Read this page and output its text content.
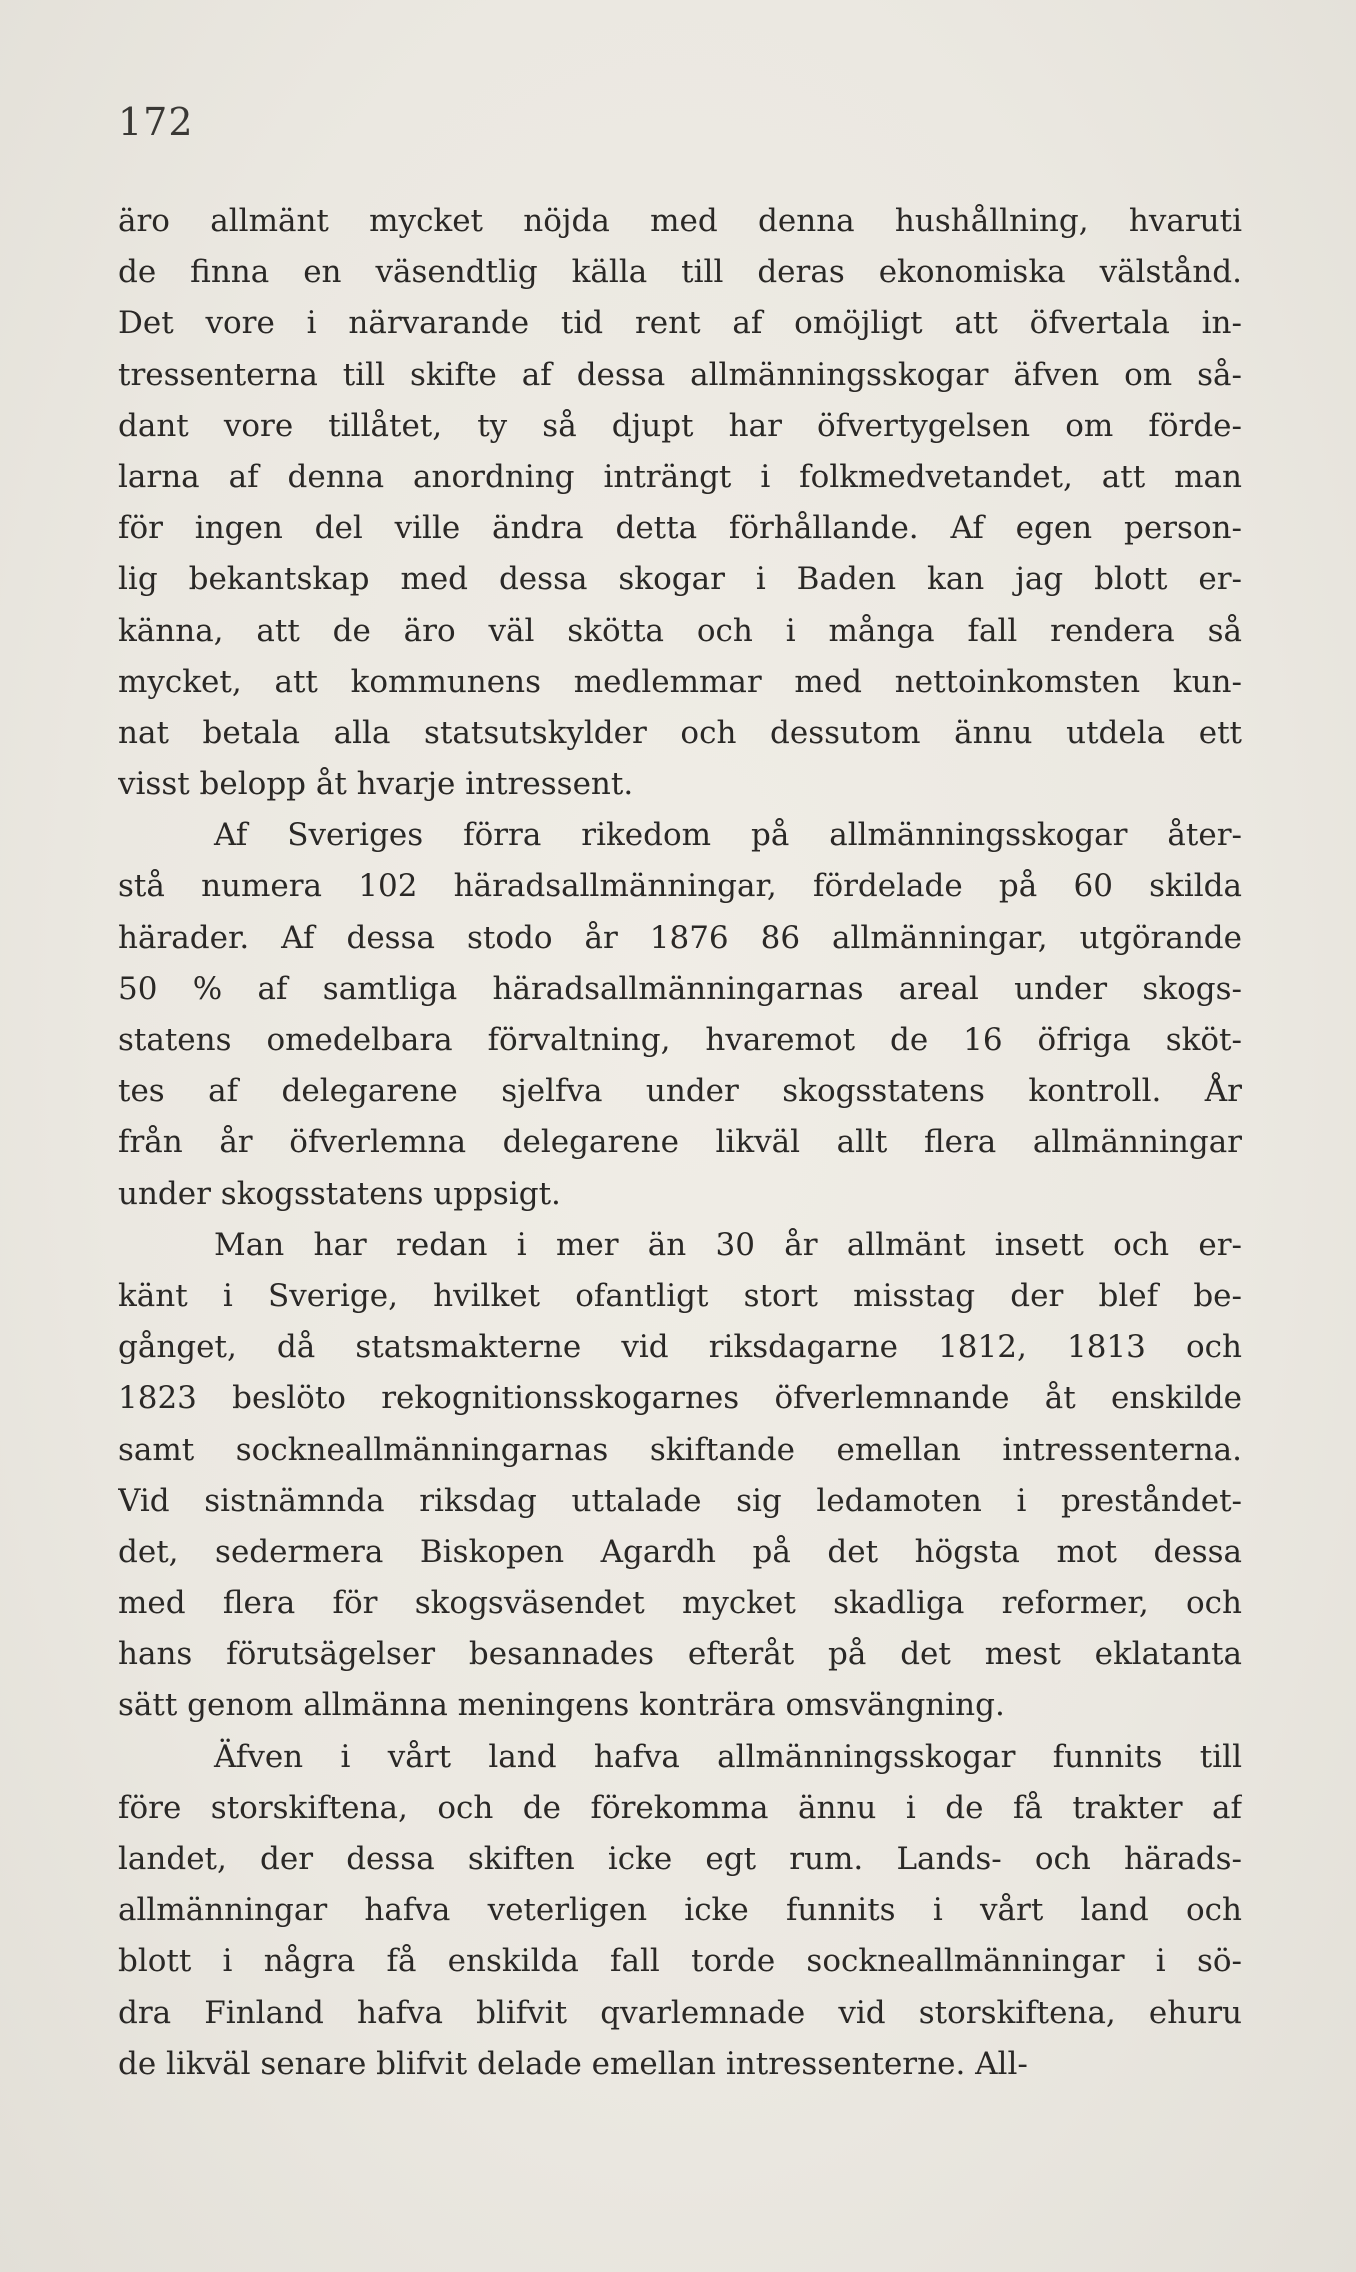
172
äro allmänt mycket nöjda med denna hushållning, hvaruti
de finna en väsendtlig källa till deras ekonomiska välstånd.
Det vore i närvarande tid rent af omöjligt att öfvertala in-
tressenterna till skifte af dessa allmänningsskogar äfven om så-
dant vore tillåtet, ty så djupt har öfvertygelsen om förde-
larna af denna anordning inträngt i folkmedvetandet, att man
för ingen del ville ändra detta förhållande. Af egen person-
lig bekantskap med dessa skogar i Baden kan jag blott er-
känna, att de äro väl skötta och i många fall rendera så
mycket, att kommunens medlemmar med nettoinkomsten kun-
nat betala alla statsutskylder och dessutom ännu utdela ett
visst belopp åt hvarje intressent.
Af Sveriges förra rikedom på allmänningsskogar åter-
stå numera 102 häradsallmänningar, fördelade på 60 skilda
härader. Af dessa stodo år 1876 86 allmänningar, utgörande
50 % af samtliga häradsallmänningarnas areal under skogs-
statens omedelbara förvaltning, hvaremot de 16 öfriga sköt-
tes af delegarene sjelfva under skogsstatens kontroll. År
från år öfverlemna delegarene likväl allt flera allmänningar
under skogsstatens uppsigt.
Man har redan i mer än 30 år allmänt insett och er-
känt i Sverige, hvilket ofantligt stort misstag der blef be-
gånget, då statsmakterne vid riksdagarne 1812, 1813 och
1823 beslöto rekognitionsskogarnes öfverlemnande åt enskilde
samt sockneallmänningarnas skiftande emellan intressenterna.
Vid sistnämnda riksdag uttalade sig ledamoten i preståndet-
det, sedermera Biskopen Agardh på det högsta mot dessa
med flera för skogsväsendet mycket skadliga reformer, och
hans förutsägelser besannades efteråt på det mest eklatanta
sätt genom allmänna meningens konträra omsvängning.
Äfven i vårt land hafva allmänningsskogar funnits till
före storskiftena, och de förekomma ännu i de få trakter af
landet, der dessa skiften icke egt rum. Lands- och härads-
allmänningar hafva veterligen icke funnits i vårt land och
blott i några få enskilda fall torde sockneallmänningar i sö-
dra Finland hafva blifvit qvarlemnade vid storskiftena, ehuru
de likväl senare blifvit delade emellan intressenterne. All-
